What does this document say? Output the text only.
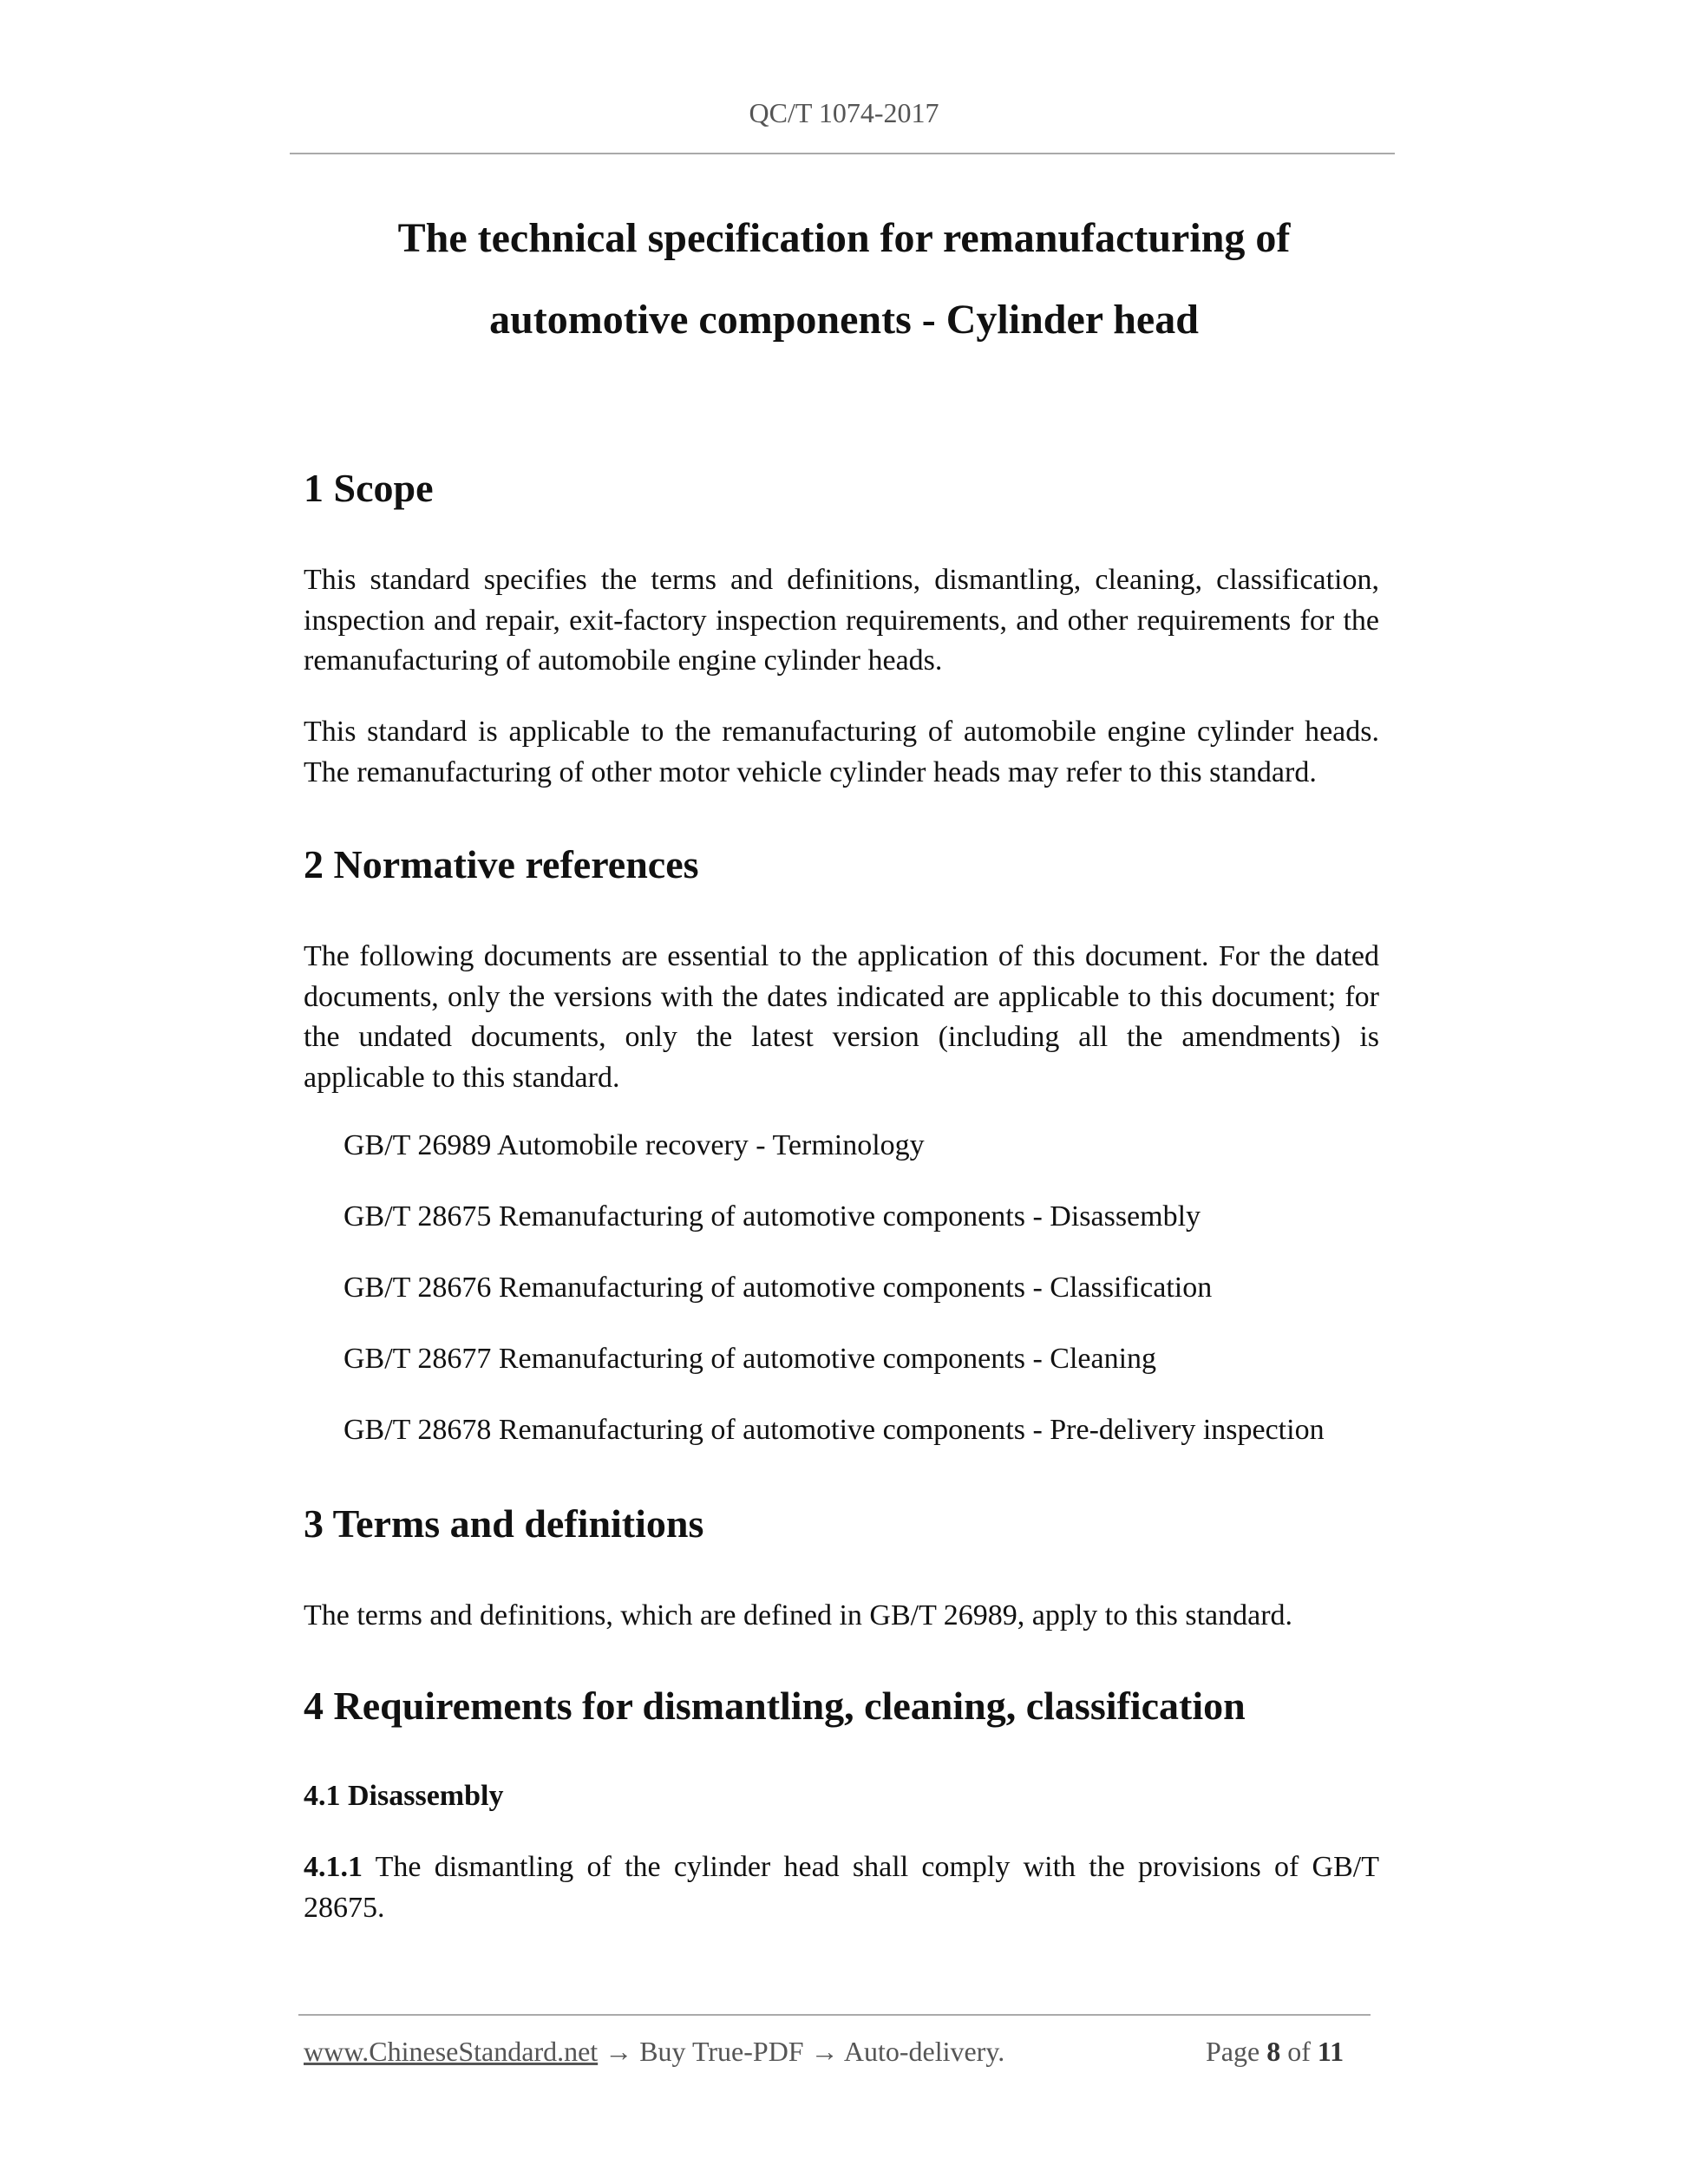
QC/T 1074-2017
The technical specification for remanufacturing of
automotive components - Cylinder head
1 Scope
This standard specifies the terms and definitions, dismantling, cleaning, classification, inspection and repair, exit-factory inspection requirements, and other requirements for the remanufacturing of automobile engine cylinder heads.
This standard is applicable to the remanufacturing of automobile engine cylinder heads. The remanufacturing of other motor vehicle cylinder heads may refer to this standard.
2 Normative references
The following documents are essential to the application of this document. For the dated documents, only the versions with the dates indicated are applicable to this document; for the undated documents, only the latest version (including all the amendments) is applicable to this standard.
GB/T 26989 Automobile recovery - Terminology
GB/T 28675 Remanufacturing of automotive components - Disassembly
GB/T 28676 Remanufacturing of automotive components - Classification
GB/T 28677 Remanufacturing of automotive components - Cleaning
GB/T 28678 Remanufacturing of automotive components - Pre-delivery inspection
3 Terms and definitions
The terms and definitions, which are defined in GB/T 26989, apply to this standard.
4 Requirements for dismantling, cleaning, classification
4.1 Disassembly
4.1.1 The dismantling of the cylinder head shall comply with the provisions of GB/T 28675.
www.ChineseStandard.net → Buy True-PDF → Auto-delivery.	Page 8 of 11
